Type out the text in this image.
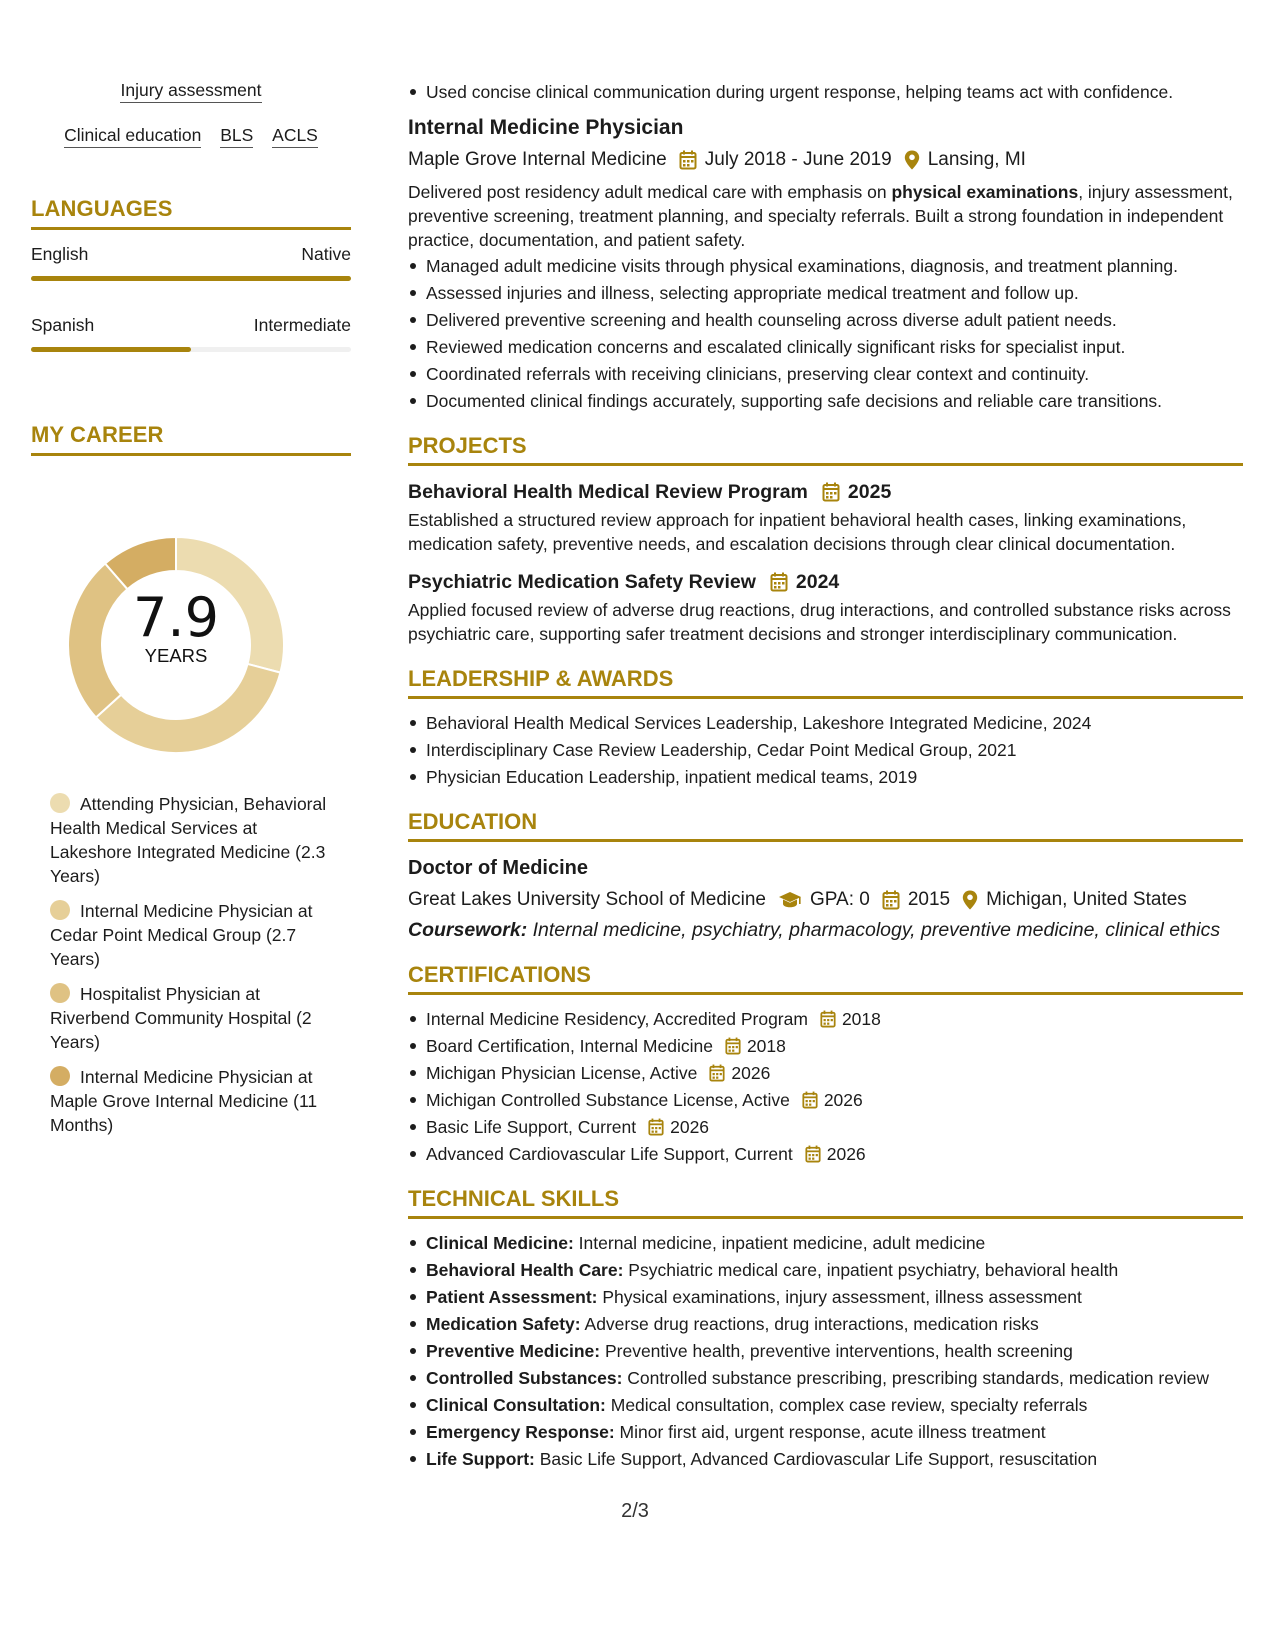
Injury assessment
Clinical education BLS ACLS
LANGUAGES
English	Native
Spanish	Intermediate
MY CAREER
7.9
YEARS
Attending Physician, Behavioral Health Medical Services at Lakeshore Integrated Medicine (2.3 Years)
Internal Medicine Physician at Cedar Point Medical Group (2.7 Years)
Hospitalist Physician at Riverbend Community Hospital (2 Years)
Internal Medicine Physician at Maple Grove Internal Medicine (11 Months)
Used concise clinical communication during urgent response, helping teams act with confidence.
Internal Medicine Physician
Maple Grove Internal Medicine July 2018 - June 2019 Lansing, MI
Delivered post residency adult medical care with emphasis on physical examinations, injury assessment, preventive screening, treatment planning, and specialty referrals. Built a strong foundation in independent practice, documentation, and patient safety.
Managed adult medicine visits through physical examinations, diagnosis, and treatment planning.
Assessed injuries and illness, selecting appropriate medical treatment and follow up.
Delivered preventive screening and health counseling across diverse adult patient needs.
Reviewed medication concerns and escalated clinically significant risks for specialist input.
Coordinated referrals with receiving clinicians, preserving clear context and continuity.
Documented clinical findings accurately, supporting safe decisions and reliable care transitions.
PROJECTS
Behavioral Health Medical Review Program 2025
Established a structured review approach for inpatient behavioral health cases, linking examinations, medication safety, preventive needs, and escalation decisions through clear clinical documentation.
Psychiatric Medication Safety Review 2024
Applied focused review of adverse drug reactions, drug interactions, and controlled substance risks across psychiatric care, supporting safer treatment decisions and stronger interdisciplinary communication.
LEADERSHIP & AWARDS
Behavioral Health Medical Services Leadership, Lakeshore Integrated Medicine, 2024
Interdisciplinary Case Review Leadership, Cedar Point Medical Group, 2021
Physician Education Leadership, inpatient medical teams, 2019
EDUCATION
Doctor of Medicine
Great Lakes University School of Medicine GPA: 0 2015 Michigan, United States
Coursework: Internal medicine, psychiatry, pharmacology, preventive medicine, clinical ethics
CERTIFICATIONS
Internal Medicine Residency, Accredited Program 2018
Board Certification, Internal Medicine 2018
Michigan Physician License, Active 2026
Michigan Controlled Substance License, Active 2026
Basic Life Support, Current 2026
Advanced Cardiovascular Life Support, Current 2026
TECHNICAL SKILLS
Clinical Medicine: Internal medicine, inpatient medicine, adult medicine
Behavioral Health Care: Psychiatric medical care, inpatient psychiatry, behavioral health
Patient Assessment: Physical examinations, injury assessment, illness assessment
Medication Safety: Adverse drug reactions, drug interactions, medication risks
Preventive Medicine: Preventive health, preventive interventions, health screening
Controlled Substances: Controlled substance prescribing, prescribing standards, medication review
Clinical Consultation: Medical consultation, complex case review, specialty referrals
Emergency Response: Minor first aid, urgent response, acute illness treatment
Life Support: Basic Life Support, Advanced Cardiovascular Life Support, resuscitation
2/3
